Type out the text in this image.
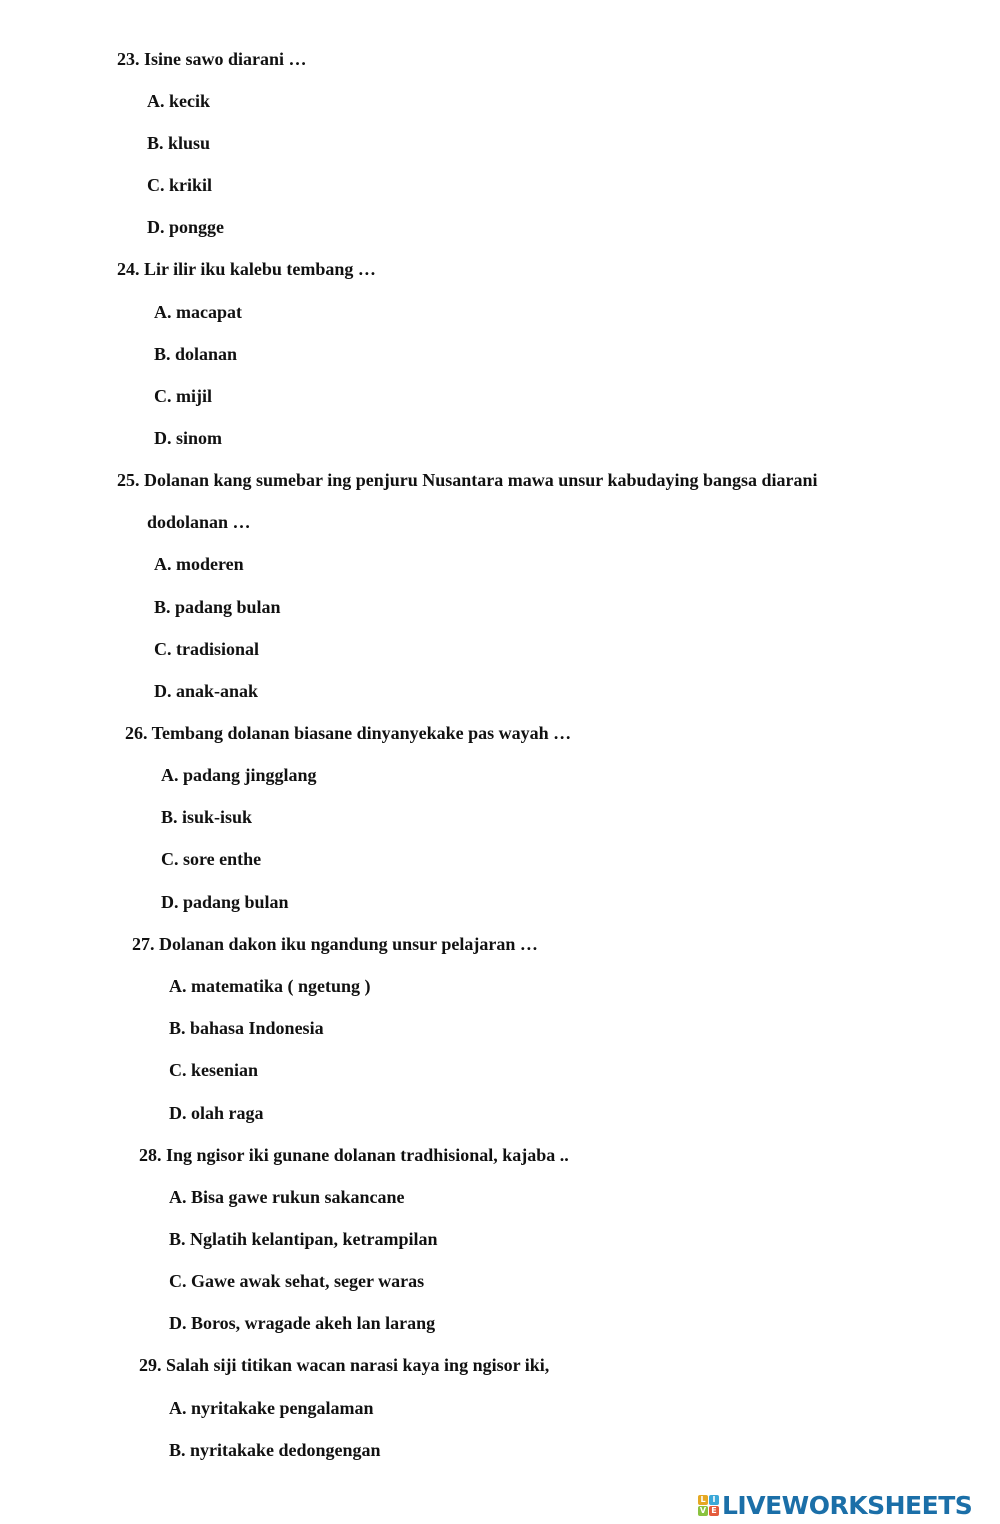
23. Isine sawo diarani …
A. kecik
B. klusu
C. krikil
D. pongge
24. Lir ilir iku kalebu tembang …
A. macapat
B. dolanan
C. mijil
D. sinom
25. Dolanan kang sumebar ing penjuru Nusantara mawa unsur kabudaying bangsa diarani
dodolanan …
A. moderen
B. padang bulan
C. tradisional
D. anak-anak
26. Tembang dolanan biasane dinyanyekake pas wayah …
A. padang jingglang
B. isuk-isuk
C. sore enthe
D. padang bulan
27. Dolanan dakon iku ngandung unsur pelajaran …
A. matematika ( ngetung )
B. bahasa Indonesia
C. kesenian
D. olah raga
28. Ing ngisor iki gunane dolanan tradhisional, kajaba ..
A. Bisa gawe rukun sakancane
B. Nglatih kelantipan, ketrampilan
C. Gawe awak sehat, seger waras
D. Boros, wragade akeh lan larang
29. Salah siji titikan wacan narasi kaya ing ngisor iki,
A. nyritakake pengalaman
B. nyritakake dedongengan
L I
V E LIVEWORKSHEETS
